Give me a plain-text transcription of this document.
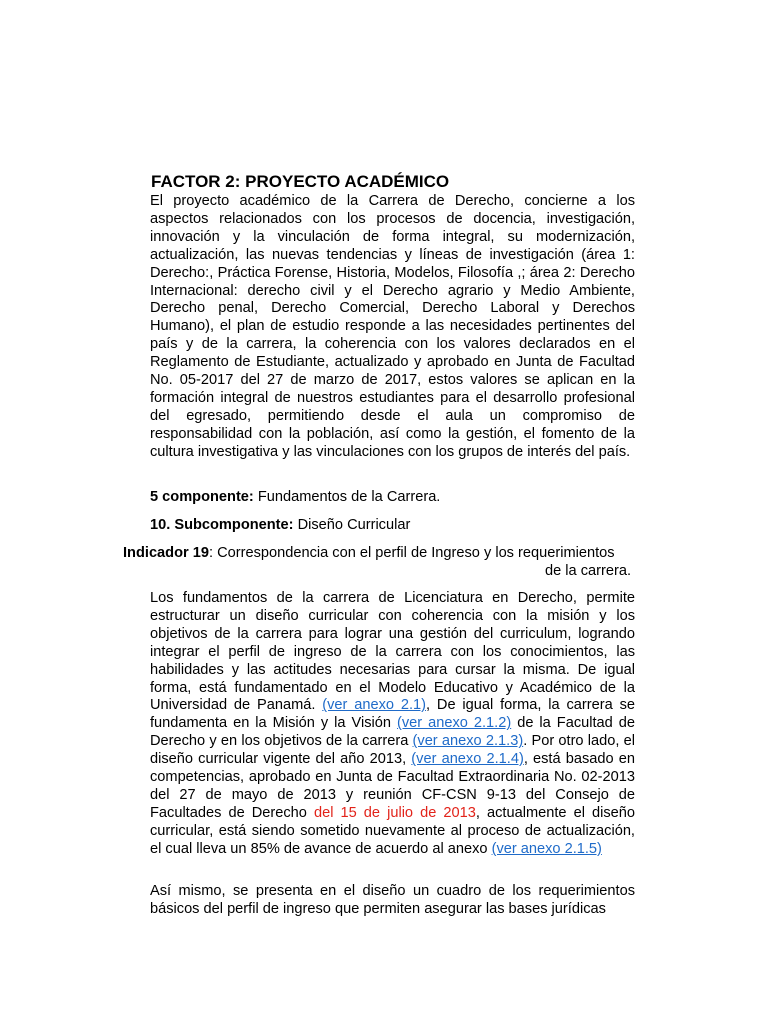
FACTOR 2: PROYECTO ACADÉMICO

El proyecto académico de la Carrera de Derecho, concierne a los aspectos relacionados con los procesos de docencia, investigación, innovación y la vinculación de forma integral, su modernización, actualización, las nuevas tendencias y líneas de investigación (área 1: Derecho:, Práctica Forense, Historia, Modelos, Filosofía ,; área 2: Derecho Internacional: derecho civil y el Derecho agrario y Medio Ambiente, Derecho penal, Derecho Comercial, Derecho Laboral y Derechos Humano), el plan de estudio responde a las necesidades pertinentes del país y de la carrera, la coherencia con los valores declarados en el Reglamento de Estudiante, actualizado y aprobado en Junta de Facultad No. 05-2017 del 27 de marzo de 2017, estos valores se aplican en la formación integral de nuestros estudiantes para el desarrollo profesional del egresado, permitiendo desde el aula un compromiso de responsabilidad con la población, así como la gestión, el fomento de la cultura investigativa y las vinculaciones con los grupos de interés del país.

5 componente: Fundamentos de la Carrera.
10. Subcomponente: Diseño Curricular
Indicador 19: Correspondencia con el perfil de Ingreso y los requerimientos
de la carrera.

Los fundamentos de la carrera de Licenciatura en Derecho, permite estructurar un diseño curricular con coherencia con la misión y los objetivos de la carrera para lograr una gestión del curriculum, logrando integrar el perfil de ingreso de la carrera con los conocimientos, las habilidades y las actitudes necesarias para cursar la misma. De igual forma, está fundamentado en el Modelo Educativo y Académico de la Universidad de Panamá. (ver anexo 2.1), De igual forma, la carrera se fundamenta en la Misión y la Visión (ver anexo 2.1.2) de la Facultad de Derecho y en los objetivos de la carrera (ver anexo 2.1.3). Por otro lado, el diseño curricular vigente del año 2013, (ver anexo 2.1.4), está basado en competencias, aprobado en Junta de Facultad Extraordinaria No. 02-2013 del 27 de mayo de 2013 y reunión CF-CSN 9-13 del Consejo de Facultades de Derecho del 15 de julio de 2013, actualmente el diseño curricular, está siendo sometido nuevamente al proceso de actualización, el cual lleva un 85% de avance de acuerdo al anexo (ver anexo 2.1.5)

Así mismo, se presenta en el diseño un cuadro de los requerimientos básicos del perfil de ingreso que permiten asegurar las bases jurídicas
